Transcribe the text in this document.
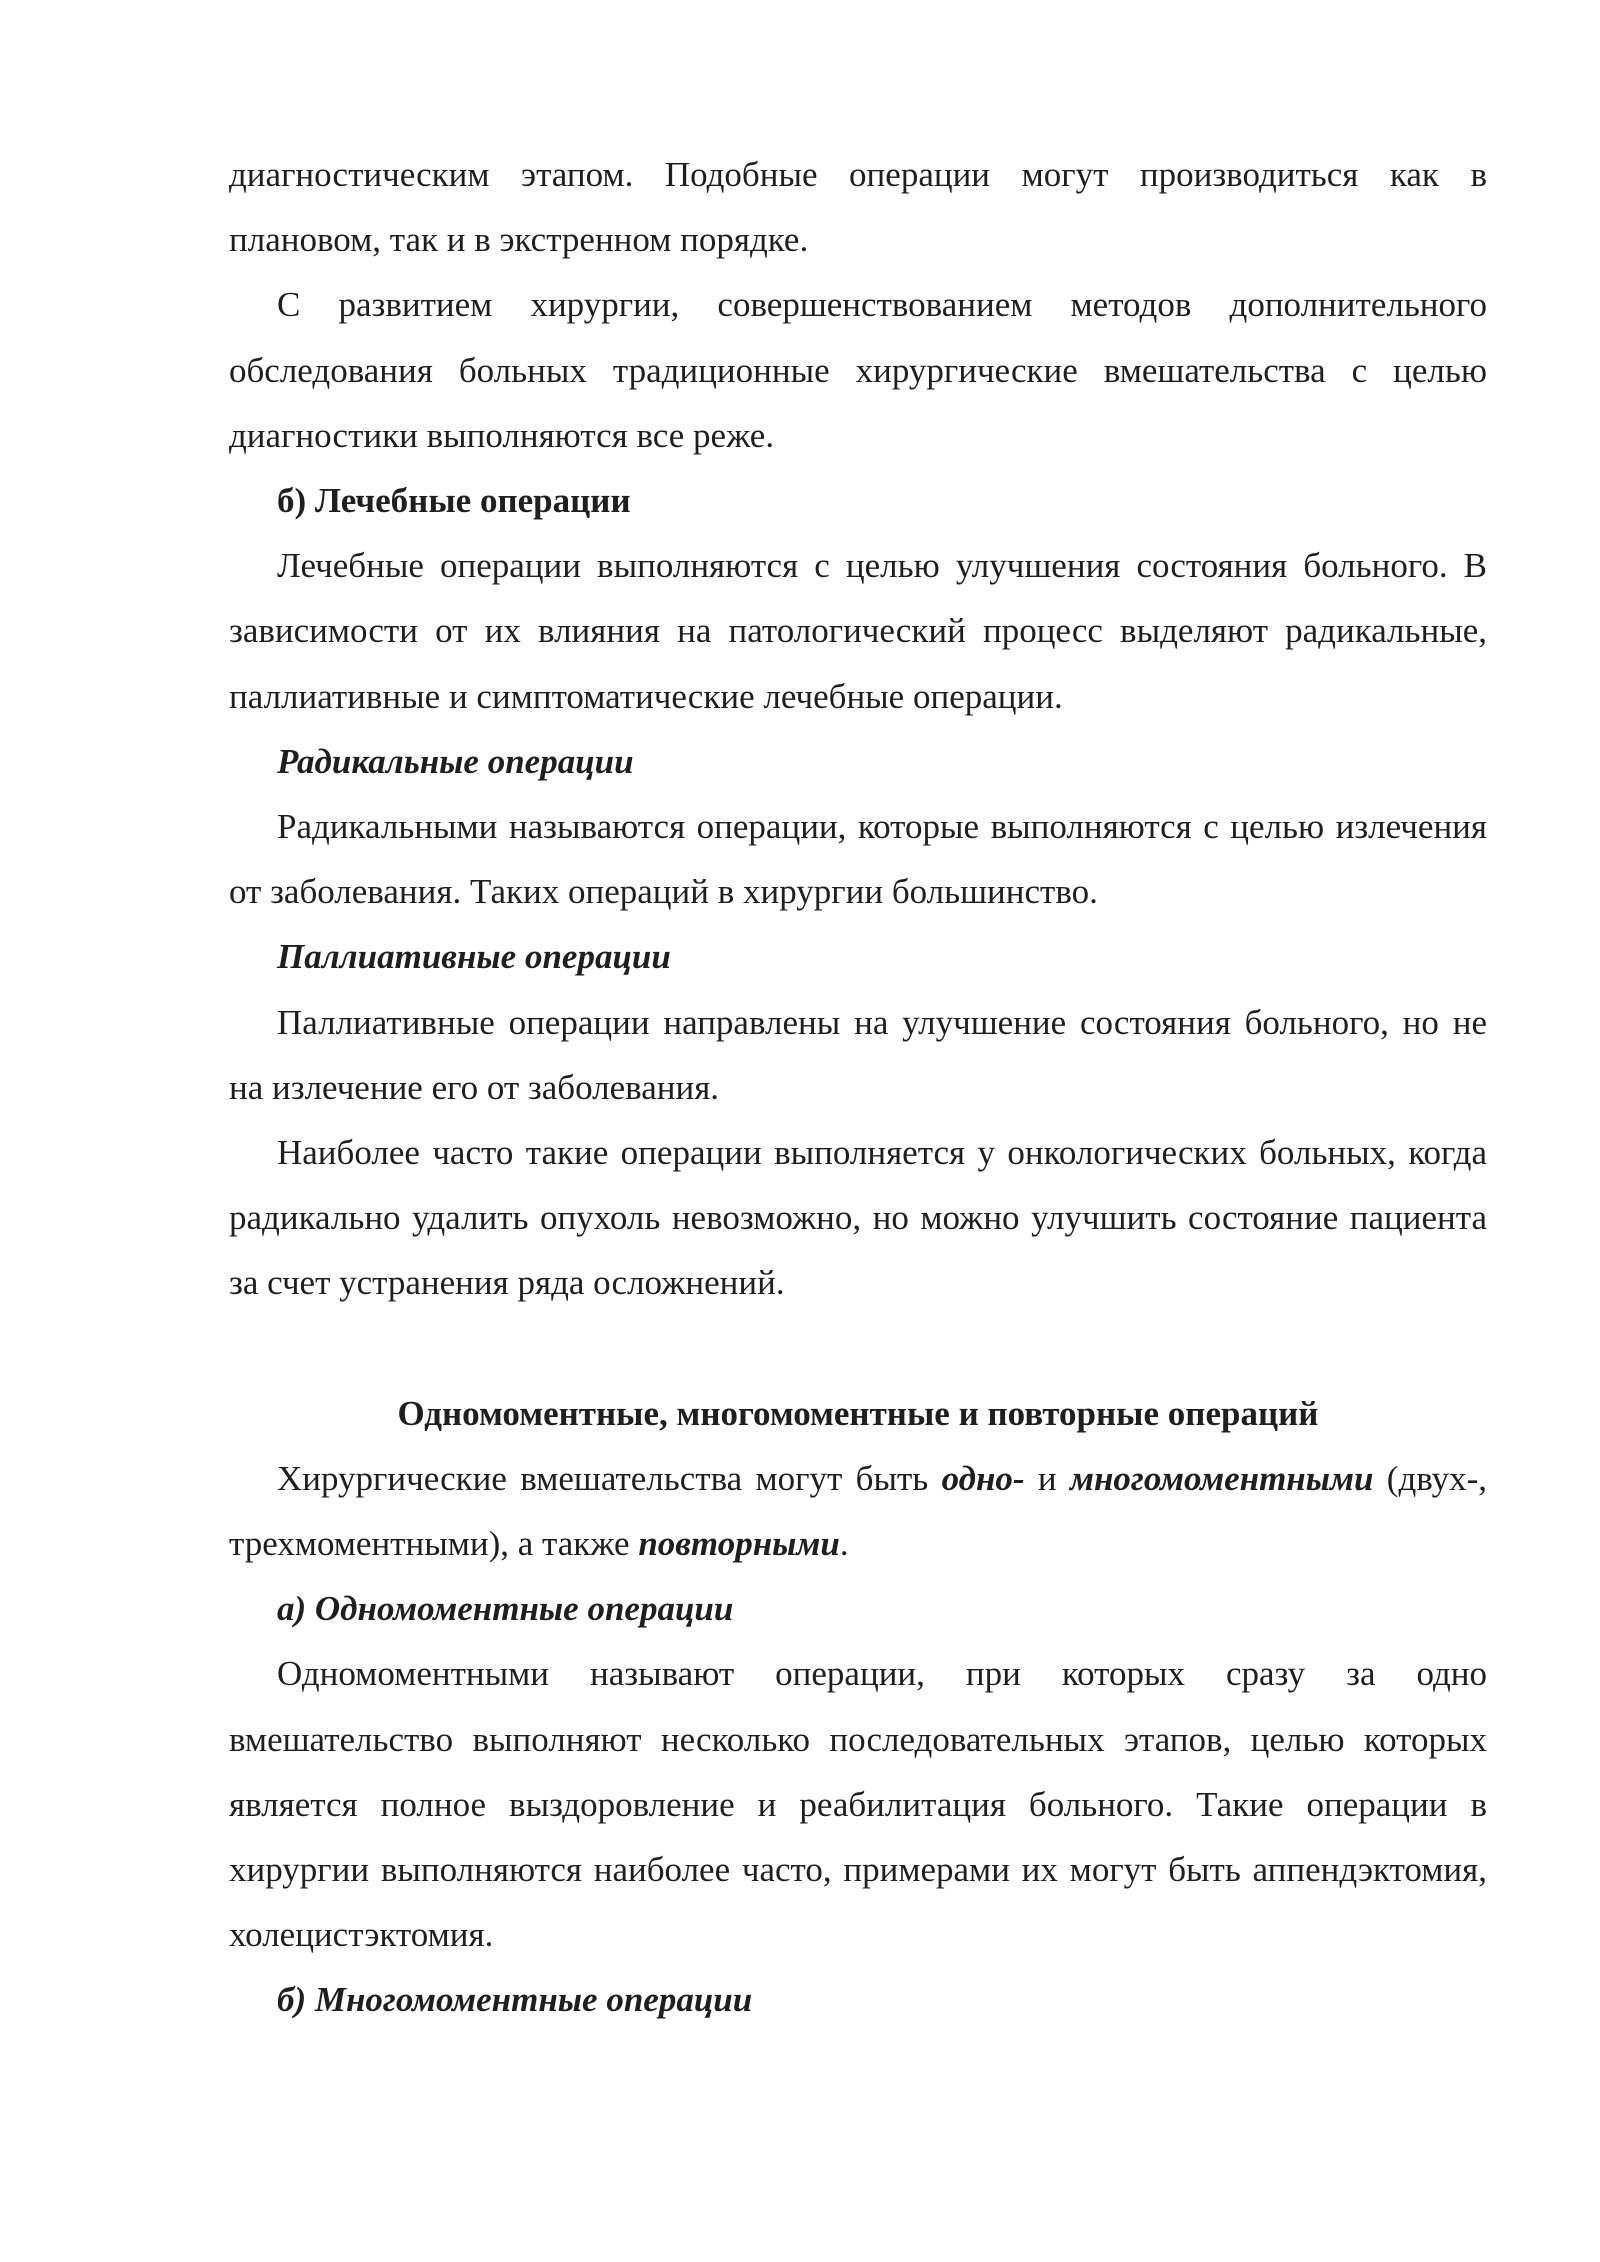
диагностическим этапом. Подобные операции могут производиться как в плановом, так и в экстренном порядке.

С развитием хирургии, совершенствованием методов дополнительного обследования больных традиционные хирургические вмешательства с целью диагностики выполняются все реже.

б) Лечебные операции

Лечебные операции выполняются с целью улучшения состояния больного. В зависимости от их влияния на патологический процесс выделяют радикальные, паллиативные и симптоматические лечебные операции.

Радикальные операции

Радикальными называются операции, которые выполняются с целью излечения от заболевания. Таких операций в хирургии большинство.

Паллиативные операции

Паллиативные операции направлены на улучшение состояния больного, но не на излечение его от заболевания.

Наиболее часто такие операции выполняется у онкологических больных, когда радикально удалить опухоль невозможно, но можно улучшить состояние пациента за счет устранения ряда осложнений.

Одномоментные, многомоментные и повторные операций

Хирургические вмешательства могут быть одно- и многомоментными (двух-, трехмоментными), а также повторными.

а) Одномоментные операции

Одномоментными называют операции, при которых сразу за одно вмешательство выполняют несколько последовательных этапов, целью которых является полное выздоровление и реабилитация больного. Такие операции в хирургии выполняются наиболее часто, примерами их могут быть аппендэктомия, холецистэктомия.

б) Многомоментные операции
